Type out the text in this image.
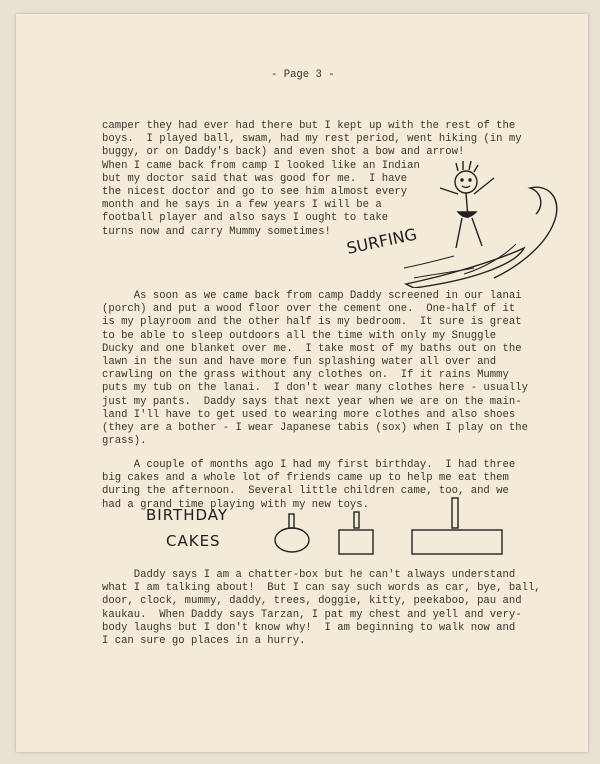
- Page 3 -
camper they had ever had there but I kept up with the rest of the
boys.  I played ball, swam, had my rest period, went hiking (in my
buggy, or on Daddy's back) and even shot a bow and arrow!
When I came back from camp I looked like an Indian
but my doctor said that was good for me.  I have
the nicest doctor and go to see him almost every
month and he says in a few years I will be a
football player and also says I ought to take
turns now and carry Mummy sometimes! SURFING
As soon as we came back from camp Daddy screened in our lanai
(porch) and put a wood floor over the cement one.  One-half of it
is my playroom and the other half is my bedroom.  It sure is great
to be able to sleep outdoors all the time with only my Snuggle
Ducky and one blanket over me.  I take most of my baths out on the
lawn in the sun and have more fun splashing water all over and
crawling on the grass without any clothes on.  If it rains Mummy
puts my tub on the lanai.  I don't wear many clothes here - usually
just my pants.  Daddy says that next year when we are on the main-
land I'll have to get used to wearing more clothes and also shoes
(they are a bother - I wear Japanese tabis (sox) when I play on the
grass).
A couple of months ago I had my first birthday.  I had three
big cakes and a whole lot of friends came up to help me eat them
during the afternoon.  Several little children came, too, and we
had a grand time playing with my new toys.
BIRTHDAY
CAKES
Daddy says I am a chatter-box but he can't always understand
what I am talking about!  But I can say such words as car, bye, ball,
door, clock, mummy, daddy, trees, doggie, kitty, peekaboo, pau and
kaukau.  When Daddy says Tarzan, I pat my chest and yell and very-
body laughs but I don't know why!  I am beginning to walk now and
I can sure go places in a hurry.
